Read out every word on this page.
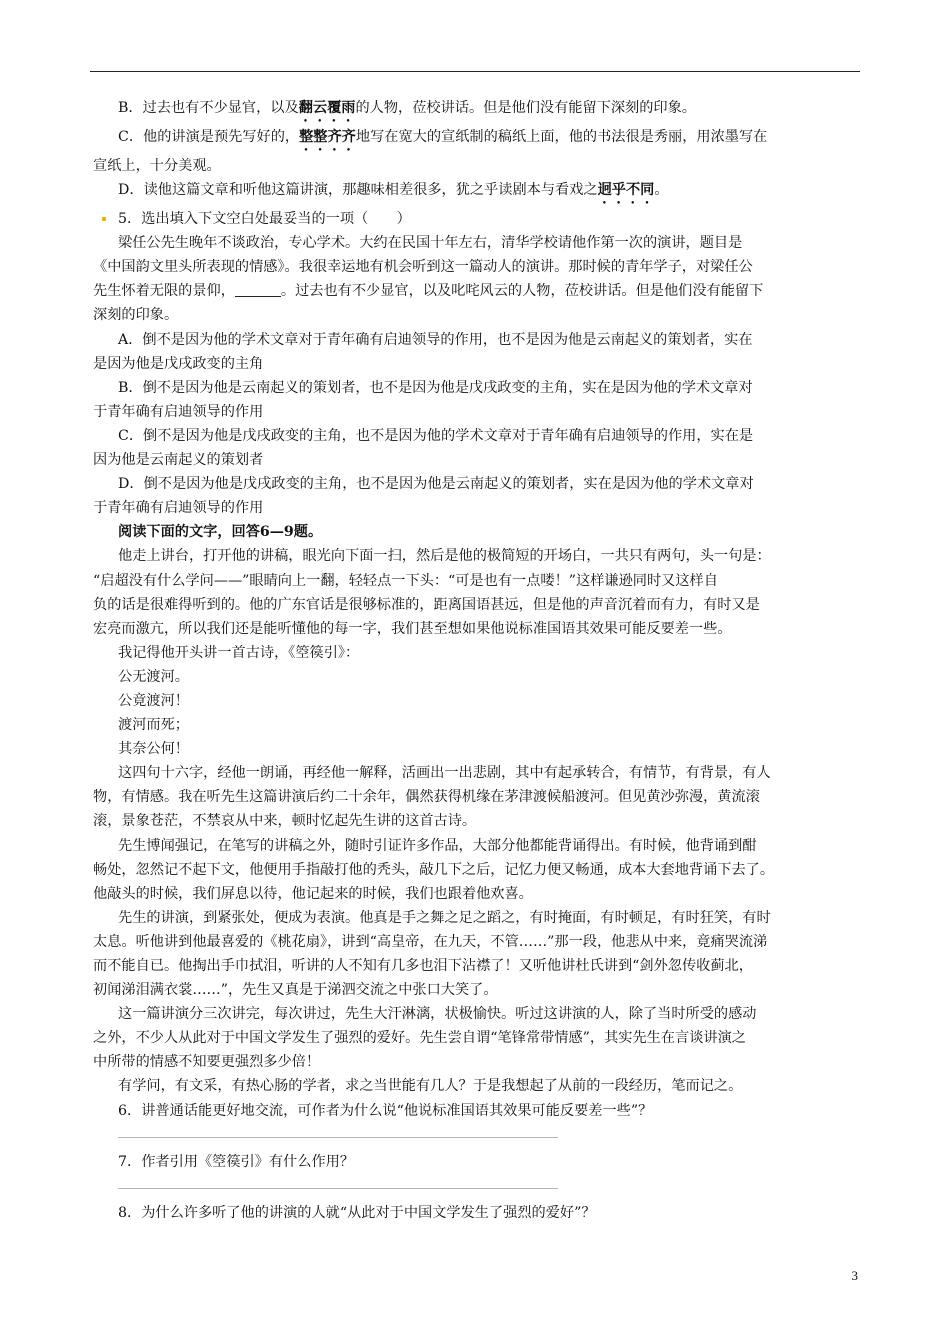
B．过去也有不少显官，以及翻云覆雨的人物，莅校讲话。但是他们没有能留下深刻的印象。

C．他的讲演是预先写好的，整整齐齐地写在宽大的宣纸制的稿纸上面，他的书法很是秀丽，用浓墨写在

宣纸上，十分美观。

D．读他这篇文章和听他这篇讲演，那趣味相差很多，犹之乎读剧本与看戏之迥乎不同。

5．选出填入下文空白处最妥当的一项（　　）

梁任公先生晚年不谈政治，专心学术。大约在民国十年左右，清华学校请他作第一次的演讲，题目是

《中国韵文里头所表现的情感》。我很幸运地有机会听到这一篇动人的演讲。那时候的青年学子，对梁任公

先生怀着无限的景仰，	。过去也有不少显官，以及叱咤风云的人物，莅校讲话。但是他们没有能留下

深刻的印象。

A．倒不是因为他的学术文章对于青年确有启迪领导的作用，也不是因为他是云南起义的策划者，实在

是因为他是戊戌政变的主角

B．倒不是因为他是云南起义的策划者，也不是因为他是戊戌政变的主角，实在是因为他的学术文章对

于青年确有启迪领导的作用

C．倒不是因为他是戊戌政变的主角，也不是因为他的学术文章对于青年确有启迪领导的作用，实在是

因为他是云南起义的策划者

D．倒不是因为他是戊戌政变的主角，也不是因为他是云南起义的策划者，实在是因为他的学术文章对

于青年确有启迪领导的作用

阅读下面的文字，回答6—9题。

他走上讲台，打开他的讲稿，眼光向下面一扫，然后是他的极简短的开场白，一共只有两句，头一句是：

“启超没有什么学问——”眼睛向上一翻，轻轻点一下头：“可是也有一点喽！”这样谦逊同时又这样自

负的话是很难得听到的。他的广东官话是很够标准的，距离国语甚远，但是他的声音沉着而有力，有时又是

宏亮而激亢，所以我们还是能听懂他的每一字，我们甚至想如果他说标准国语其效果可能反要差一些。

我记得他开头讲一首古诗，《箜篌引》：

公无渡河。

公竟渡河！

渡河而死；

其奈公何！

这四句十六字，经他一朗诵，再经他一解释，活画出一出悲剧，其中有起承转合，有情节，有背景，有人

物，有情感。我在听先生这篇讲演后约二十余年，偶然获得机缘在茅津渡候船渡河。但见黄沙弥漫，黄流滚

滚，景象苍茫，不禁哀从中来，顿时忆起先生讲的这首古诗。

先生博闻强记，在笔写的讲稿之外，随时引证许多作品，大部分他都能背诵得出。有时候，他背诵到酣

畅处，忽然记不起下文，他便用手指敲打他的秃头，敲几下之后，记忆力便又畅通，成本大套地背诵下去了。

他敲头的时候，我们屏息以待，他记起来的时候，我们也跟着他欢喜。

先生的讲演，到紧张处，便成为表演。他真是手之舞之足之蹈之，有时掩面，有时顿足，有时狂笑，有时

太息。听他讲到他最喜爱的《桃花扇》，讲到“高皇帝，在九天，不管……”那一段，他悲从中来，竟痛哭流涕

而不能自已。他掏出手巾拭泪，听讲的人不知有几多也泪下沾襟了！又听他讲杜氏讲到“剑外忽传收蓟北，

初闻涕泪满衣裳……”，先生又真是于涕泗交流之中张口大笑了。

这一篇讲演分三次讲完，每次讲过，先生大汗淋漓，状极愉快。听过这讲演的人，除了当时所受的感动

之外，不少人从此对于中国文学发生了强烈的爱好。先生尝自谓“笔锋常带情感”，其实先生在言谈讲演之

中所带的情感不知要更强烈多少倍！

有学问，有文采，有热心肠的学者，求之当世能有几人？于是我想起了从前的一段经历，笔而记之。

6．讲普通话能更好地交流，可作者为什么说“他说标准国语其效果可能反要差一些”？

7．作者引用《箜篌引》有什么作用？

8．为什么许多听了他的讲演的人就“从此对于中国文学发生了强烈的爱好”？

3
